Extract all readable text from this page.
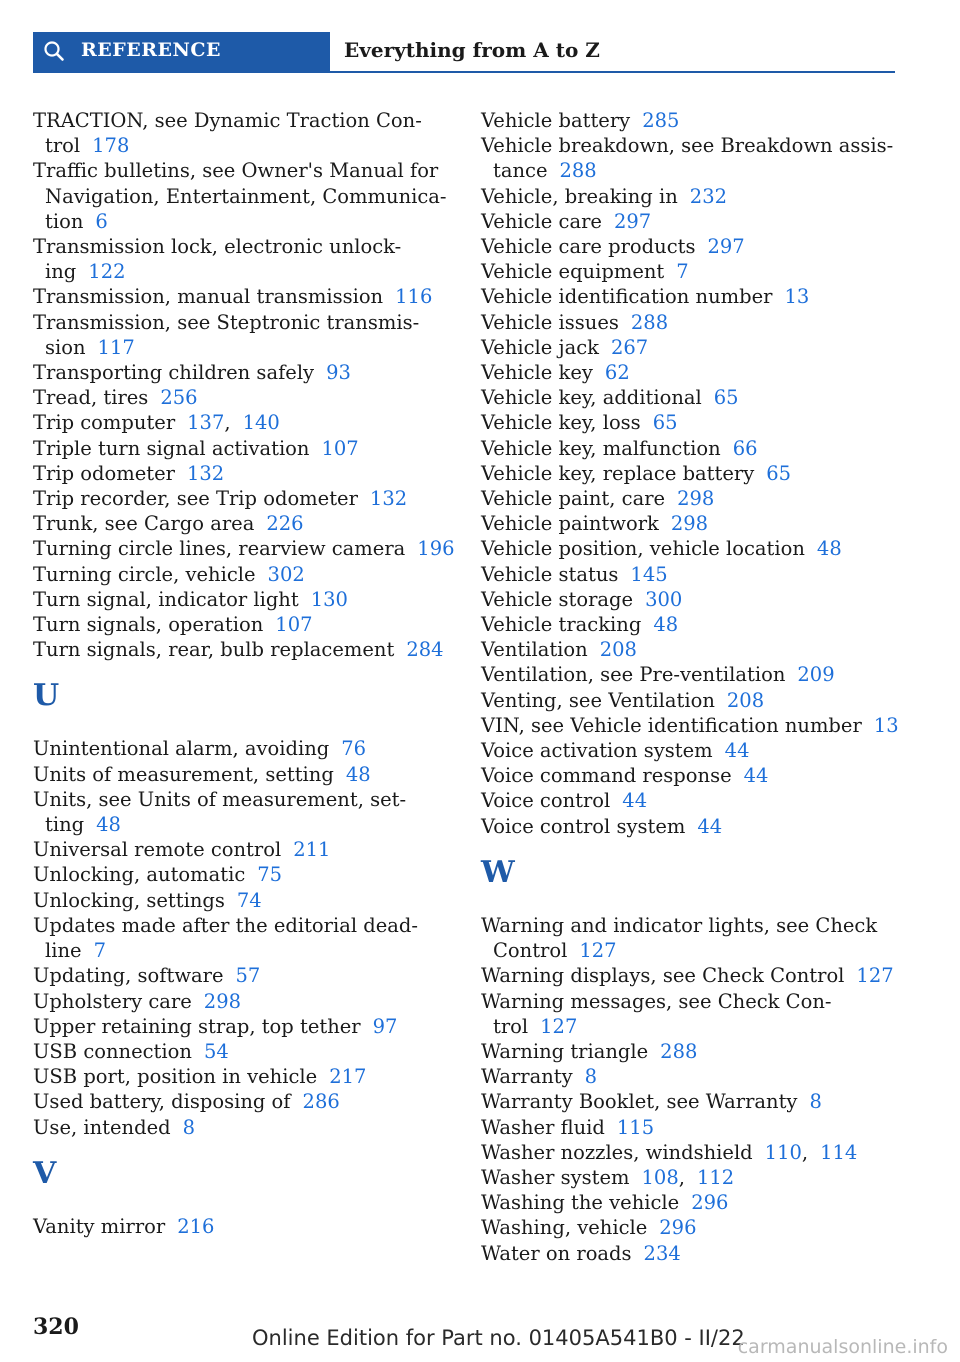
REFERENCE	Everything from A to Z
TRACTION, see Dynamic Traction Con-
trol 178
Traffic bulletins, see Owner's Manual for
Navigation, Entertainment, Communica-
tion 6
Transmission lock, electronic unlock-
ing 122
Transmission, manual transmission 116
Transmission, see Steptronic transmis-
sion 117
Transporting children safely 93
Tread, tires 256
Trip computer 137, 140
Triple turn signal activation 107
Trip odometer 132
Trip recorder, see Trip odometer 132
Trunk, see Cargo area 226
Turning circle lines, rearview camera 196
Turning circle, vehicle 302
Turn signal, indicator light 130
Turn signals, operation 107
Turn signals, rear, bulb replacement 284
U
Unintentional alarm, avoiding 76
Units of measurement, setting 48
Units, see Units of measurement, set-
ting 48
Universal remote control 211
Unlocking, automatic 75
Unlocking, settings 74
Updates made after the editorial dead-
line 7
Updating, software 57
Upholstery care 298
Upper retaining strap, top tether 97
USB connection 54
USB port, position in vehicle 217
Used battery, disposing of 286
Use, intended 8
V
Vanity mirror 216
Vehicle battery 285
Vehicle breakdown, see Breakdown assis-
tance 288
Vehicle, breaking in 232
Vehicle care 297
Vehicle care products 297
Vehicle equipment 7
Vehicle identification number 13
Vehicle issues 288
Vehicle jack 267
Vehicle key 62
Vehicle key, additional 65
Vehicle key, loss 65
Vehicle key, malfunction 66
Vehicle key, replace battery 65
Vehicle paint, care 298
Vehicle paintwork 298
Vehicle position, vehicle location 48
Vehicle status 145
Vehicle storage 300
Vehicle tracking 48
Ventilation 208
Ventilation, see Pre-ventilation 209
Venting, see Ventilation 208
VIN, see Vehicle identification number 13
Voice activation system 44
Voice command response 44
Voice control 44
Voice control system 44
W
Warning and indicator lights, see Check
Control 127
Warning displays, see Check Control 127
Warning messages, see Check Con-
trol 127
Warning triangle 288
Warranty 8
Warranty Booklet, see Warranty 8
Washer fluid 115
Washer nozzles, windshield 110, 114
Washer system 108, 112
Washing the vehicle 296
Washing, vehicle 296
Water on roads 234
320	Online Edition for Part no. 01405A541B0 - II/22
carmanualsonline.info
